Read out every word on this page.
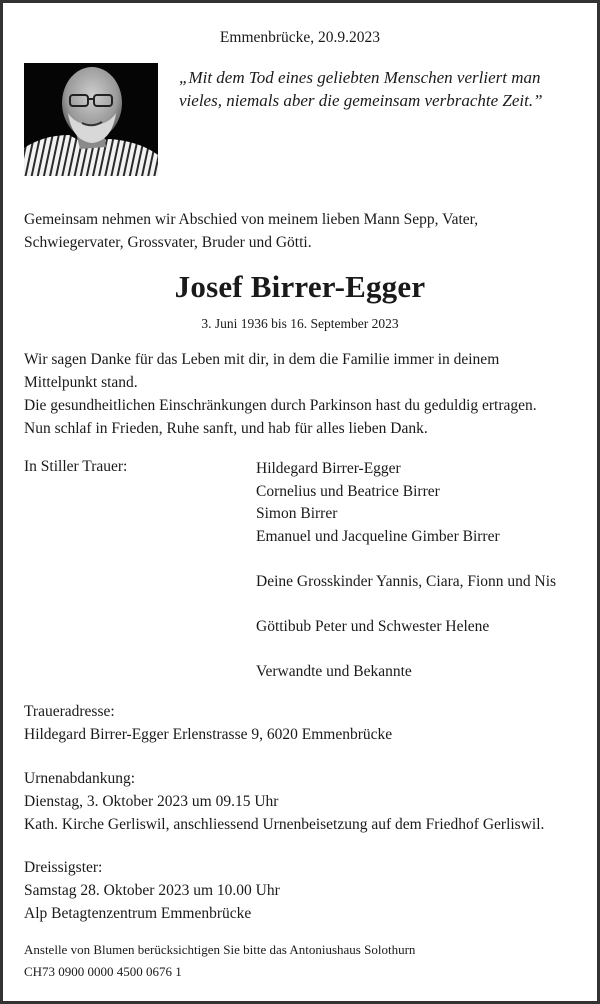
Emmenbrücke, 20.9.2023
„Mit dem Tod eines geliebten Menschen verliert man
vieles, niemals aber die gemeinsam verbrachte Zeit.”
Gemeinsam nehmen wir Abschied von meinem lieben Mann Sepp, Vater,
Schwiegervater, Grossvater, Bruder und Götti.
Josef Birrer-Egger
3. Juni 1936 bis 16. September 2023
Wir sagen Danke für das Leben mit dir, in dem die Familie immer in deinem
Mittelpunkt stand.
Die gesundheitlichen Einschränkungen durch Parkinson hast du geduldig ertragen.
Nun schlaf in Frieden, Ruhe sanft, und hab für alles lieben Dank.
In Stiller Trauer:	Hildegard Birrer-Egger
Cornelius und Beatrice Birrer
Simon Birrer
Emanuel und Jacqueline Gimber Birrer
Deine Grosskinder Yannis, Ciara, Fionn und Nis
Göttibub Peter und Schwester Helene
Verwandte und Bekannte
Traueradresse:
Hildegard Birrer-Egger Erlenstrasse 9, 6020 Emmenbrücke
Urnenabdankung:
Dienstag, 3. Oktober 2023 um 09.15 Uhr
Kath. Kirche Gerliswil, anschliessend Urnenbeisetzung auf dem Friedhof Gerliswil.
Dreissigster:
Samstag 28. Oktober 2023 um 10.00 Uhr
Alp Betagtenzentrum Emmenbrücke
Anstelle von Blumen berücksichtigen Sie bitte das Antoniushaus Solothurn
CH73 0900 0000 4500 0676 1
